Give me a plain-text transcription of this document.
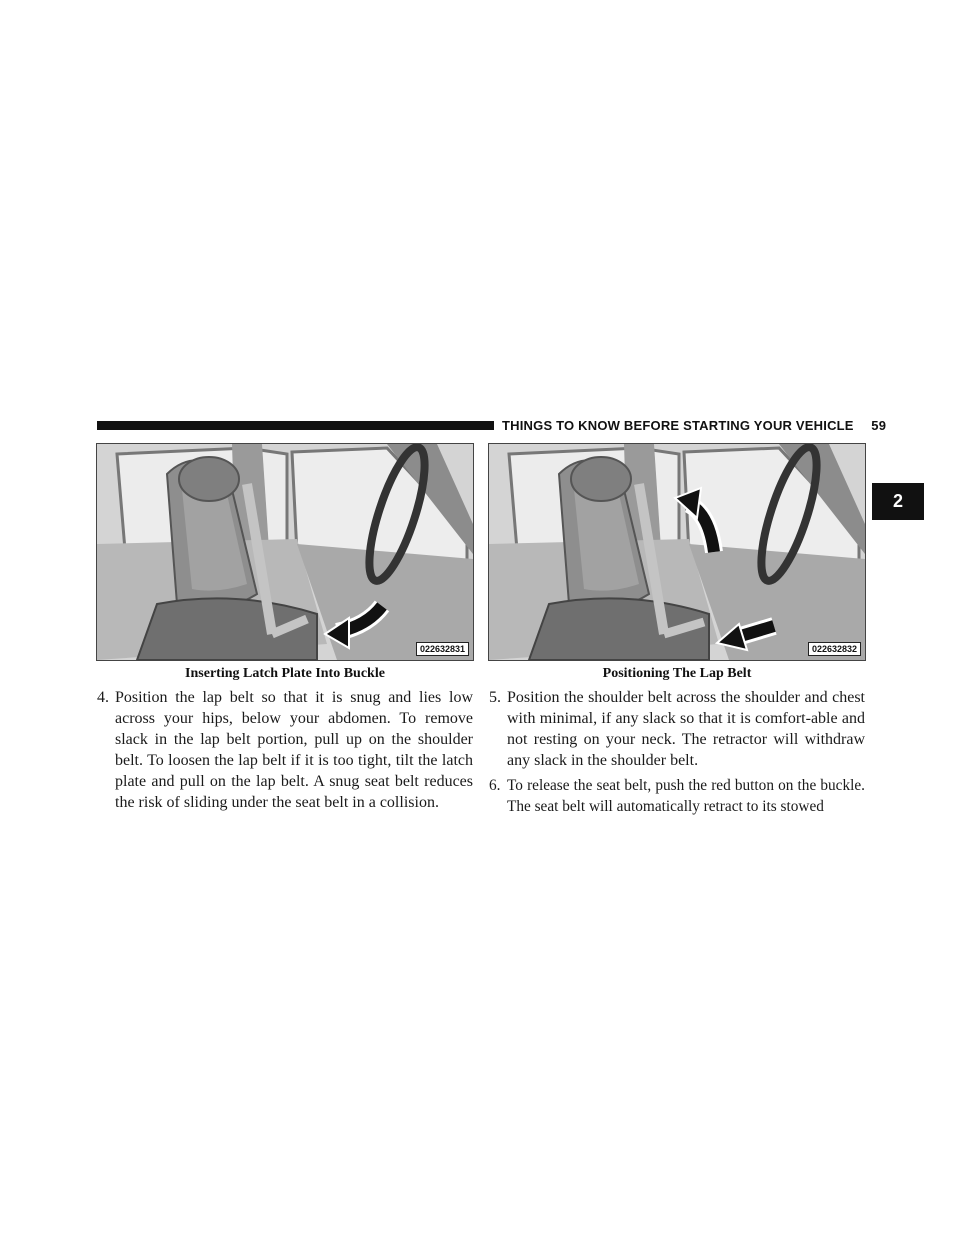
THINGS TO KNOW BEFORE STARTING YOUR VEHICLE 59
2
022632831
Inserting Latch Plate Into Buckle
022632832
Positioning The Lap Belt
4. Position the lap belt so that it is snug and lies low across your hips, below your abdomen. To remove slack in the lap belt portion, pull up on the shoulder belt. To loosen the lap belt if it is too tight, tilt the latch plate and pull on the lap belt. A snug seat belt reduces the risk of sliding under the seat belt in a collision.
5. Position the shoulder belt across the shoulder and chest with minimal, if any slack so that it is comfort-able and not resting on your neck. The retractor will withdraw any slack in the shoulder belt.
6. To release the seat belt, push the red button on the buckle. The seat belt will automatically retract to its stowed
